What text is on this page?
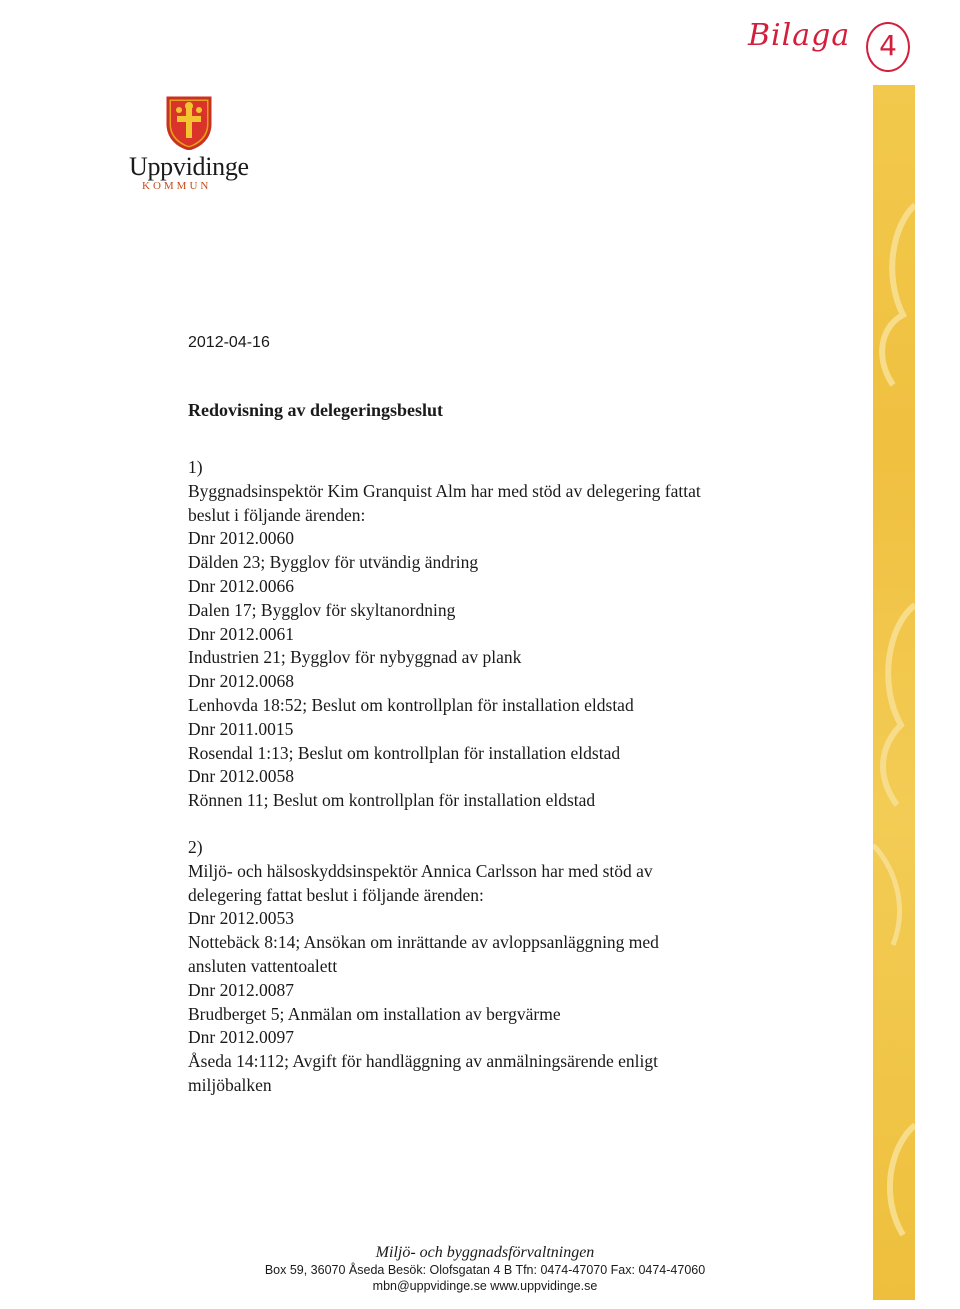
Bilaga	4
Uppvidinge
KOMMUN
2012-04-16
Redovisning av delegeringsbeslut
1)
Byggnadsinspektör Kim Granquist Alm har med stöd av delegering fattat
beslut i följande ärenden:
Dnr 2012.0060
Dälden 23; Bygglov för utvändig ändring
Dnr 2012.0066
Dalen 17; Bygglov för skyltanordning
Dnr 2012.0061
Industrien 21; Bygglov för nybyggnad av plank
Dnr 2012.0068
Lenhovda 18:52; Beslut om kontrollplan för installation eldstad
Dnr 2011.0015
Rosendal 1:13; Beslut om kontrollplan för installation eldstad
Dnr 2012.0058
Rönnen 11; Beslut om kontrollplan för installation eldstad
2)
Miljö- och hälsoskyddsinspektör Annica Carlsson har med stöd av
delegering fattat beslut i följande ärenden:
Dnr 2012.0053
Nottebäck 8:14; Ansökan om inrättande av avloppsanläggning med
ansluten vattentoalett
Dnr 2012.0087
Brudberget 5; Anmälan om installation av bergvärme
Dnr 2012.0097
Åseda 14:112; Avgift för handläggning av anmälningsärende enligt
miljöbalken
Miljö- och byggnadsförvaltningen
Box 59, 36070 Åseda Besök: Olofsgatan 4 B Tfn: 0474-47070 Fax: 0474-47060
mbn@uppvidinge.se www.uppvidinge.se
